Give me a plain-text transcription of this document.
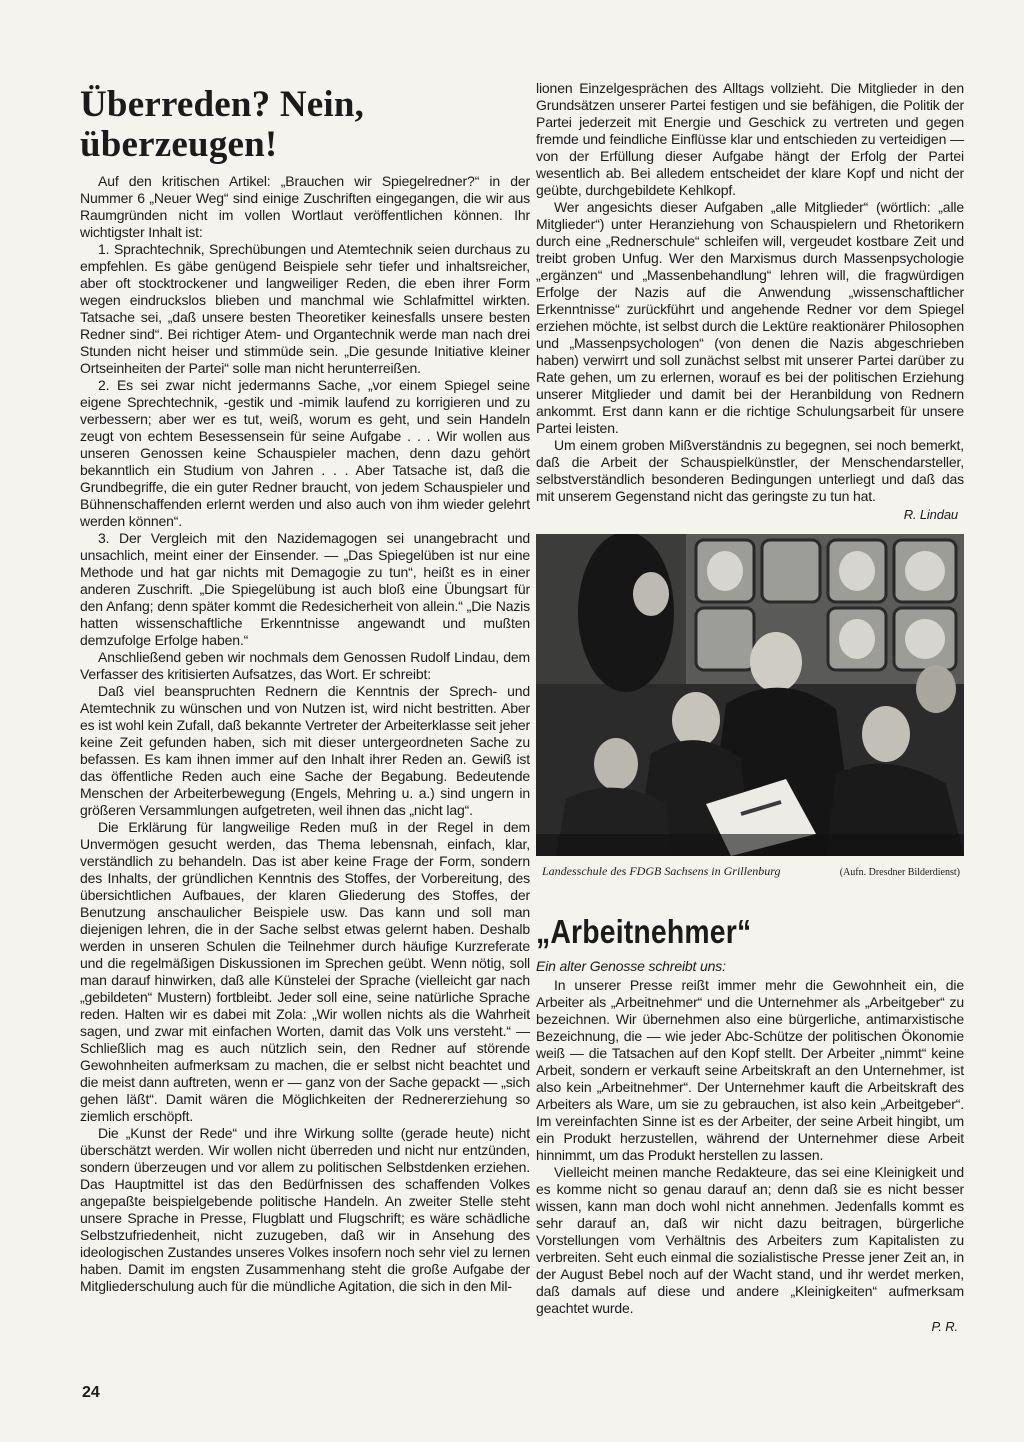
Überreden? Nein, überzeugen!

Auf den kritischen Artikel: „Brauchen wir Spiegelredner?“ in der Nummer 6 „Neuer Weg“ sind einige Zuschriften eingegangen, die wir aus Raumgründen nicht im vollen Wortlaut veröffentlichen können. Ihr wichtigster Inhalt ist:

1. Sprachtechnik, Sprechübungen und Atemtechnik seien durchaus zu empfehlen. Es gäbe genügend Beispiele sehr tiefer und inhaltsreicher, aber oft stocktrockener und langweiliger Reden, die eben ihrer Form wegen eindruckslos blieben und manchmal wie Schlafmittel wirkten. Tatsache sei, „daß unsere besten Theoretiker keinesfalls unsere besten Redner sind“. Bei richtiger Atem- und Organtechnik werde man nach drei Stunden nicht heiser und stimmüde sein. „Die gesunde Initiative kleiner Ortseinheiten der Partei“ solle man nicht herunterreißen.

2. Es sei zwar nicht jedermanns Sache, „vor einem Spiegel seine eigene Sprechtechnik, -gestik und -mimik laufend zu korrigieren und zu verbessern; aber wer es tut, weiß, worum es geht, und sein Handeln zeugt von echtem Besessensein für seine Aufgabe . . . Wir wollen aus unseren Genossen keine Schauspieler machen, denn dazu gehört bekanntlich ein Studium von Jahren . . . Aber Tatsache ist, daß die Grundbegriffe, die ein guter Redner braucht, von jedem Schauspieler und Bühnenschaffenden erlernt werden und also auch von ihm wieder gelehrt werden können“.

3. Der Vergleich mit den Nazidemagogen sei unangebracht und unsachlich, meint einer der Einsender. — „Das Spiegelüben ist nur eine Methode und hat gar nichts mit Demagogie zu tun“, heißt es in einer anderen Zuschrift. „Die Spiegelübung ist auch bloß eine Übungsart für den Anfang; denn später kommt die Redesicherheit von allein.“ „Die Nazis hatten wissenschaftliche Erkenntnisse angewandt und mußten demzufolge Erfolge haben.“

Anschließend geben wir nochmals dem Genossen Rudolf Lindau, dem Verfasser des kritisierten Aufsatzes, das Wort. Er schreibt:

Daß viel beanspruchten Rednern die Kenntnis der Sprech- und Atemtechnik zu wünschen und von Nutzen ist, wird nicht bestritten. Aber es ist wohl kein Zufall, daß bekannte Vertreter der Arbeiterklasse seit jeher keine Zeit gefunden haben, sich mit dieser untergeordneten Sache zu befassen. Es kam ihnen immer auf den Inhalt ihrer Reden an. Gewiß ist das öffentliche Reden auch eine Sache der Begabung. Bedeutende Menschen der Arbeiterbewegung (Engels, Mehring u. a.) sind ungern in größeren Versammlungen aufgetreten, weil ihnen das „nicht lag“.

Die Erklärung für langweilige Reden muß in der Regel in dem Unvermögen gesucht werden, das Thema lebensnah, einfach, klar, verständlich zu behandeln. Das ist aber keine Frage der Form, sondern des Inhalts, der gründlichen Kenntnis des Stoffes, der Vorbereitung, des übersichtlichen Aufbaues, der klaren Gliederung des Stoffes, der Benutzung anschaulicher Beispiele usw. Das kann und soll man diejenigen lehren, die in der Sache selbst etwas gelernt haben. Deshalb werden in unseren Schulen die Teilnehmer durch häufige Kurzreferate und die regelmäßigen Diskussionen im Sprechen geübt. Wenn nötig, soll man darauf hinwirken, daß alle Künstelei der Sprache (vielleicht gar nach „gebildeten“ Mustern) fortbleibt. Jeder soll eine, seine natürliche Sprache reden. Halten wir es dabei mit Zola: „Wir wollen nichts als die Wahrheit sagen, und zwar mit einfachen Worten, damit das Volk uns versteht.“ — Schließlich mag es auch nützlich sein, den Redner auf störende Gewohnheiten aufmerksam zu machen, die er selbst nicht beachtet und die meist dann auftreten, wenn er — ganz von der Sache gepackt — „sich gehen läßt“. Damit wären die Möglichkeiten der Rednererziehung so ziemlich erschöpft.

Die „Kunst der Rede“ und ihre Wirkung sollte (gerade heute) nicht überschätzt werden. Wir wollen nicht überreden und nicht nur entzünden, sondern überzeugen und vor allem zu politischen Selbstdenken erziehen. Das Hauptmittel ist das den Bedürfnissen des schaffenden Volkes angepaßte beispielgebende politische Handeln. An zweiter Stelle steht unsere Sprache in Presse, Flugblatt und Flugschrift; es wäre schädliche Selbstzufriedenheit, nicht zuzugeben, daß wir in Ansehung des ideologischen Zustandes unseres Volkes insofern noch sehr viel zu lernen haben. Damit im engsten Zusammenhang steht die große Aufgabe der Mitgliederschulung auch für die mündliche Agitation, die sich in den Mil-

lionen Einzelgesprächen des Alltags vollzieht. Die Mitglieder in den Grundsätzen unserer Partei festigen und sie befähigen, die Politik der Partei jederzeit mit Energie und Geschick zu vertreten und gegen fremde und feindliche Einflüsse klar und entschieden zu verteidigen — von der Erfüllung dieser Aufgabe hängt der Erfolg der Partei wesentlich ab. Bei alledem entscheidet der klare Kopf und nicht der geübte, durchgebildete Kehlkopf.

Wer angesichts dieser Aufgaben „alle Mitglieder“ (wörtlich: „alle Mitglieder“) unter Heranziehung von Schauspielern und Rhetorikern durch eine „Rednerschule“ schleifen will, vergeudet kostbare Zeit und treibt groben Unfug. Wer den Marxismus durch Massenpsychologie „ergänzen“ und „Massenbehandlung“ lehren will, die fragwürdigen Erfolge der Nazis auf die Anwendung „wissenschaftlicher Erkenntnisse“ zurückführt und angehende Redner vor dem Spiegel erziehen möchte, ist selbst durch die Lektüre reaktionärer Philosophen und „Massenpsychologen“ (von denen die Nazis abgeschrieben haben) verwirrt und soll zunächst selbst mit unserer Partei darüber zu Rate gehen, um zu erlernen, worauf es bei der politischen Erziehung unserer Mitglieder und damit bei der Heranbildung von Rednern ankommt. Erst dann kann er die richtige Schulungsarbeit für unsere Partei leisten.

Um einem groben Mißverständnis zu begegnen, sei noch bemerkt, daß die Arbeit der Schauspielkünstler, der Menschendarsteller, selbstverständlich besonderen Bedingungen unterliegt und daß das mit unserem Gegenstand nicht das geringste zu tun hat.

R. Lindau

Landesschule des FDGB Sachsens in Grillenburg	(Aufn. Dresdner Bilderdienst)
„Arbeitnehmer“

Ein alter Genosse schreibt uns:

In unserer Presse reißt immer mehr die Gewohnheit ein, die Arbeiter als „Arbeitnehmer“ und die Unternehmer als „Arbeitgeber“ zu bezeichnen. Wir übernehmen also eine bürgerliche, antimarxistische Bezeichnung, die — wie jeder Abc-Schütze der politischen Ökonomie weiß — die Tatsachen auf den Kopf stellt. Der Arbeiter „nimmt“ keine Arbeit, sondern er verkauft seine Arbeitskraft an den Unternehmer, ist also kein „Arbeitnehmer“. Der Unternehmer kauft die Arbeitskraft des Arbeiters als Ware, um sie zu gebrauchen, ist also kein „Arbeitgeber“. Im vereinfachten Sinne ist es der Arbeiter, der seine Arbeit hingibt, um ein Produkt herzustellen, während der Unternehmer diese Arbeit hinnimmt, um das Produkt herstellen zu lassen.

Vielleicht meinen manche Redakteure, das sei eine Kleinigkeit und es komme nicht so genau darauf an; denn daß sie es nicht besser wissen, kann man doch wohl nicht annehmen. Jedenfalls kommt es sehr darauf an, daß wir nicht dazu beitragen, bürgerliche Vorstellungen vom Verhältnis des Arbeiters zum Kapitalisten zu verbreiten. Seht euch einmal die sozialistische Presse jener Zeit an, in der August Bebel noch auf der Wacht stand, und ihr werdet merken, daß damals auf diese und andere „Kleinigkeiten“ aufmerksam geachtet wurde.

P. R.

24
